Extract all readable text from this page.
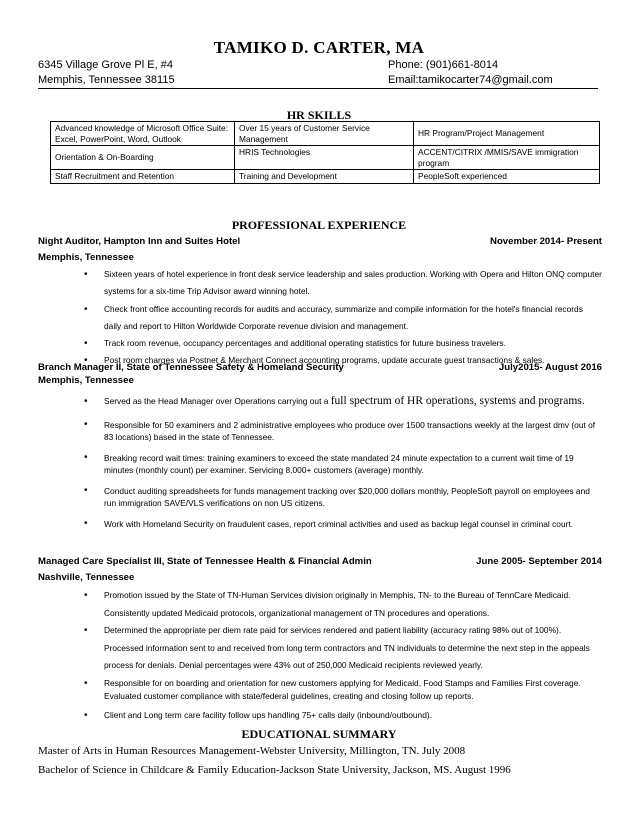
TAMIKO D. CARTER, MA
6345 Village Grove Pl E, #4	Phone: (901)661-8014
Memphis, Tennessee 38115	Email:tamikocarter74@gmail.com
HR SKILLS
Advanced knowledge of Microsoft Office Suite: Excel, PowerPoint, Word, Outlook	Over 15 years of Customer Service Management	HR Program/Project Management
Orientation & On-Boarding	HRIS Technologies	ACCENT/CITRIX /MMIS/SAVE immigration program
Staff Recruitment and Retention	Training and Development	PeopleSoft experienced
PROFESSIONAL EXPERIENCE
Night Auditor, Hampton Inn and Suites Hotel	November 2014- Present
Memphis, Tennessee
• Sixteen years of hotel experience in front desk service leadership and sales production. Working with Opera and Hilton ONQ computer systems for a six-time Trip Advisor award winning hotel.
• Check front office accounting records for audits and accuracy, summarize and compile information for the hotel's financial records daily and report to Hilton Worldwide Corporate revenue division and management.
• Track room revenue, occupancy percentages and additional operating statistics for future business travelers.
• Post room charges via Postnet & Merchant Connect accounting programs, update accurate guest transactions & sales.
Branch Manager II, State of Tennessee Safety & Homeland Security	July2015- August 2016
Memphis, Tennessee
• Served as the Head Manager over Operations carrying out a full spectrum of HR operations, systems and programs.
• Responsible for 50 examiners and 2 administrative employees who produce over 1500 transactions weekly at the largest dmv (out of 83 locations) based in the state of Tennessee.
• Breaking record wait times: training examiners to exceed the state mandated 24 minute expectation to a current wait time of 19 minutes (monthly count) per examiner. Servicing 8,000+ customers (average) monthly.
• Conduct auditing spreadsheets for funds management tracking over $20,000 dollars monthly, PeopleSoft payroll on employees and run immigration SAVE/VLS verifications on non US citizens.
• Work with Homeland Security on fraudulent cases, report criminal activities and used as backup legal counsel in criminal court.
Managed Care Specialist III, State of Tennessee Health & Financial Admin	June 2005- September 2014
Nashville, Tennessee
• Promotion issued by the State of TN-Human Services division originally in Memphis, TN- to the Bureau of TennCare Medicaid. Consistently updated Medicaid protocols, organizational management of TN procedures and operations.
• Determined the appropriate per diem rate paid for services rendered and patient liability (accuracy rating 98% out of 100%). Processed information sent to and received from long term contractors and TN individuals to determine the next step in the appeals process for denials. Denial percentages were 43% out of 250,000 Medicaid recipients reviewed yearly.
• Responsible for on boarding and orientation for new customers applying for Medicaid, Food Stamps and Families First coverage. Evaluated customer compliance with state/federal guidelines, creating and closing follow up reports.
• Client and Long term care facility follow ups handling 75+ calls daily (inbound/outbound).
EDUCATIONAL SUMMARY
Master of Arts in Human Resources Management-Webster University, Millington, TN. July 2008
Bachelor of Science in Childcare & Family Education-Jackson State University, Jackson, MS. August 1996
